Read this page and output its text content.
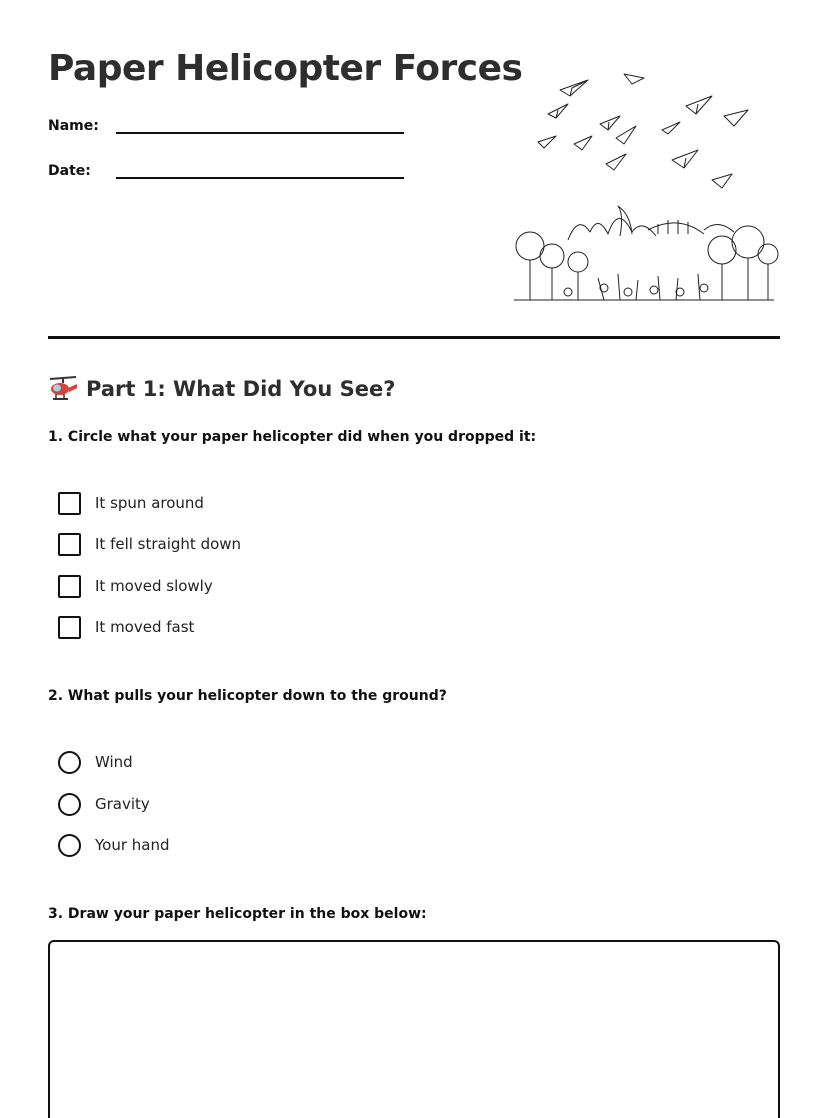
Paper Helicopter Forces
Name:
Date:
Part 1: What Did You See?

1. Circle what your paper helicopter did when you dropped it:

It spun around
It fell straight down
It moved slowly
It moved fast

2. What pulls your helicopter down to the ground?

Wind
Gravity
Your hand

3. Draw your paper helicopter in the box below:
